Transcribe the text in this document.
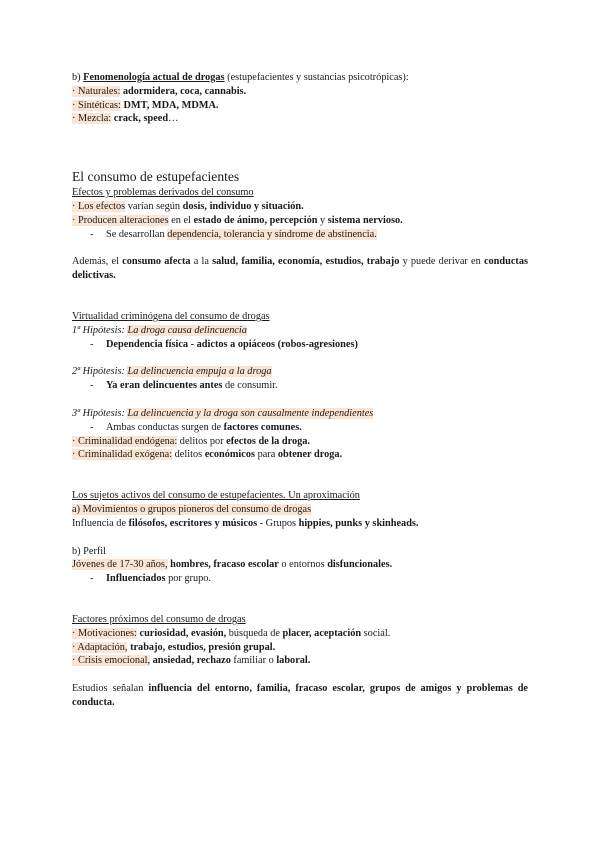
b) Fenomenología actual de drogas (estupefacientes y sustancias psicotrópicas):

· Naturales: adormidera, coca, cannabis.

· Sintéticas: DMT, MDA, MDMA.

· Mezcla: crack, speed…

El consumo de estupefacientes

Efectos y problemas derivados del consumo

· Los efectos varían según dosis, individuo y situación.

· Producen alteraciones en el estado de ánimo, percepción y sistema nervioso.

- Se desarrollan dependencia, tolerancia y síndrome de abstinencia.

Además, el consumo afecta a la salud, familia, economía, estudios, trabajo y puede derivar en conductas delictivas.

Virtualidad criminógena del consumo de drogas

1ª Hipótesis: La droga causa delincuencia

- Dependencia física - adictos a opiáceos (robos-agresiones)

2ª Hipótesis: La delincuencia empuja a la droga

- Ya eran delincuentes antes de consumir.

3ª Hipótesis: La delincuencia y la droga son causalmente independientes

- Ambas conductas surgen de factores comunes.

· Criminalidad endógena: delitos por efectos de la droga.

· Criminalidad exógena: delitos económicos para obtener droga.

Los sujetos activos del consumo de estupefacientes. Un aproximación

a) Movimientos o grupos pioneros del consumo de drogas

Influencia de filósofos, escritores y músicos - Grupos hippies, punks y skinheads.

b) Perfil

Jóvenes de 17-30 años, hombres, fracaso escolar o entornos disfuncionales.

- Influenciados por grupo.

Factores próximos del consumo de drogas

· Motivaciones: curiosidad, evasión, búsqueda de placer, aceptación social.

· Adaptación, trabajo, estudios, presión grupal.

· Crisis emocional, ansiedad, rechazo familiar o laboral.

Estudios señalan influencia del entorno, familia, fracaso escolar, grupos de amigos y problemas de conducta.
